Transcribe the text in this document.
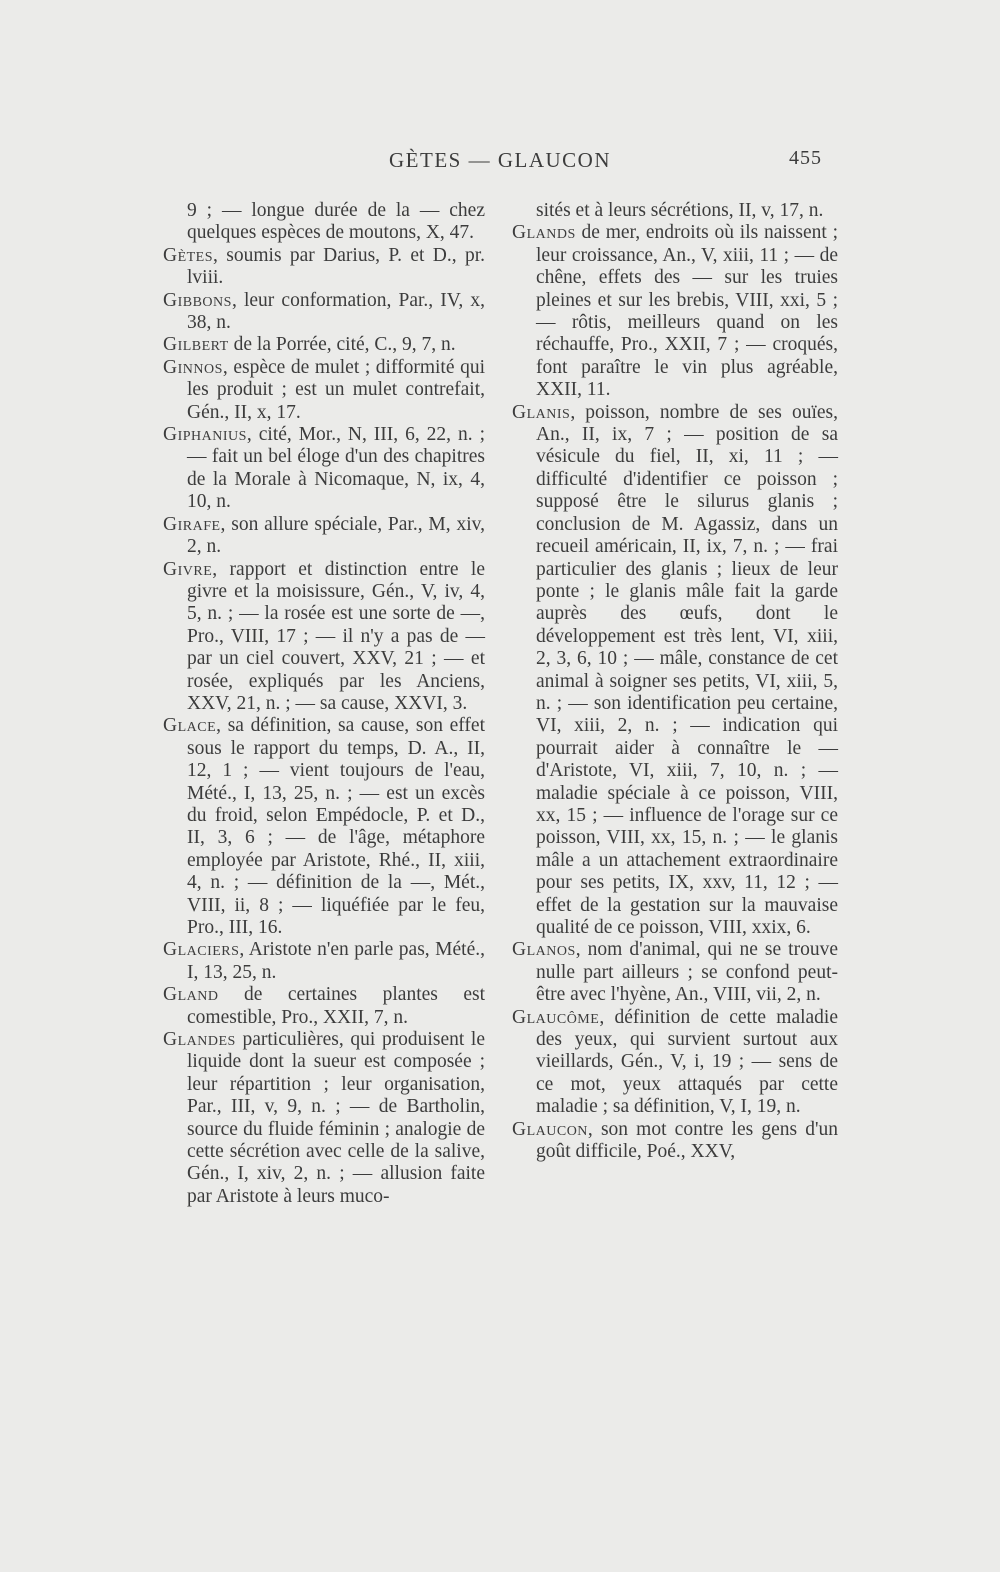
GÈTES — GLAUCON	455

9 ; — longue durée de la — chez quelques espèces de moutons, X, 47.

Gètes, soumis par Darius, P. et D., pr. lviii.

Gibbons, leur conformation, Par., IV, x, 38, n.

Gilbert de la Porrée, cité, C., 9, 7, n.

Ginnos, espèce de mulet ; difformité qui les produit ; est un mulet contrefait, Gén., II, x, 17.

Giphanius, cité, Mor., N, III, 6, 22, n. ; — fait un bel éloge d'un des chapitres de la Morale à Nicomaque, N, ix, 4, 10, n.

Girafe, son allure spéciale, Par., M, xiv, 2, n.

Givre, rapport et distinction entre le givre et la moisissure, Gén., V, iv, 4, 5, n. ; — la rosée est une sorte de —, Pro., VIII, 17 ; — il n'y a pas de — par un ciel couvert, XXV, 21 ; — et rosée, expliqués par les Anciens, XXV, 21, n. ; — sa cause, XXVI, 3.

Glace, sa définition, sa cause, son effet sous le rapport du temps, D. A., II, 12, 1 ; — vient toujours de l'eau, Mété., I, 13, 25, n. ; — est un excès du froid, selon Empédocle, P. et D., II, 3, 6 ; — de l'âge, métaphore employée par Aristote, Rhé., II, xiii, 4, n. ; — définition de la —, Mét., VIII, ii, 8 ; — liquéfiée par le feu, Pro., III, 16.

Glaciers, Aristote n'en parle pas, Mété., I, 13, 25, n.

Gland de certaines plantes est comestible, Pro., XXII, 7, n.

Glandes particulières, qui produisent le liquide dont la sueur est composée ; leur répartition ; leur organisation, Par., III, v, 9, n. ; — de Bartholin, source du fluide féminin ; analogie de cette sécrétion avec celle de la salive, Gén., I, xiv, 2, n. ; — allusion faite par Aristote à leurs muco-

sités et à leurs sécrétions, II, v, 17, n.

Glands de mer, endroits où ils naissent ; leur croissance, An., V, xiii, 11 ; — de chêne, effets des — sur les truies pleines et sur les brebis, VIII, xxi, 5 ; — rôtis, meilleurs quand on les réchauffe, Pro., XXII, 7 ; — croqués, font paraître le vin plus agréable, XXII, 11.

Glanis, poisson, nombre de ses ouïes, An., II, ix, 7 ; — position de sa vésicule du fiel, II, xi, 11 ; — difficulté d'identifier ce poisson ; supposé être le silurus glanis ; conclusion de M. Agassiz, dans un recueil américain, II, ix, 7, n. ; — frai particulier des glanis ; lieux de leur ponte ; le glanis mâle fait la garde auprès des œufs, dont le développement est très lent, VI, xiii, 2, 3, 6, 10 ; — mâle, constance de cet animal à soigner ses petits, VI, xiii, 5, n. ; — son identification peu certaine, VI, xiii, 2, n. ; — indication qui pourrait aider à connaître le — d'Aristote, VI, xiii, 7, 10, n. ; — maladie spéciale à ce poisson, VIII, xx, 15 ; — influence de l'orage sur ce poisson, VIII, xx, 15, n. ; — le glanis mâle a un attachement extraordinaire pour ses petits, IX, xxv, 11, 12 ; — effet de la gestation sur la mauvaise qualité de ce poisson, VIII, xxix, 6.

Glanos, nom d'animal, qui ne se trouve nulle part ailleurs ; se confond peut-être avec l'hyène, An., VIII, vii, 2, n.

Glaucôme, définition de cette maladie des yeux, qui survient surtout aux vieillards, Gén., V, i, 19 ; — sens de ce mot, yeux attaqués par cette maladie ; sa définition, V, I, 19, n.

Glaucon, son mot contre les gens d'un goût difficile, Poé., XXV,
